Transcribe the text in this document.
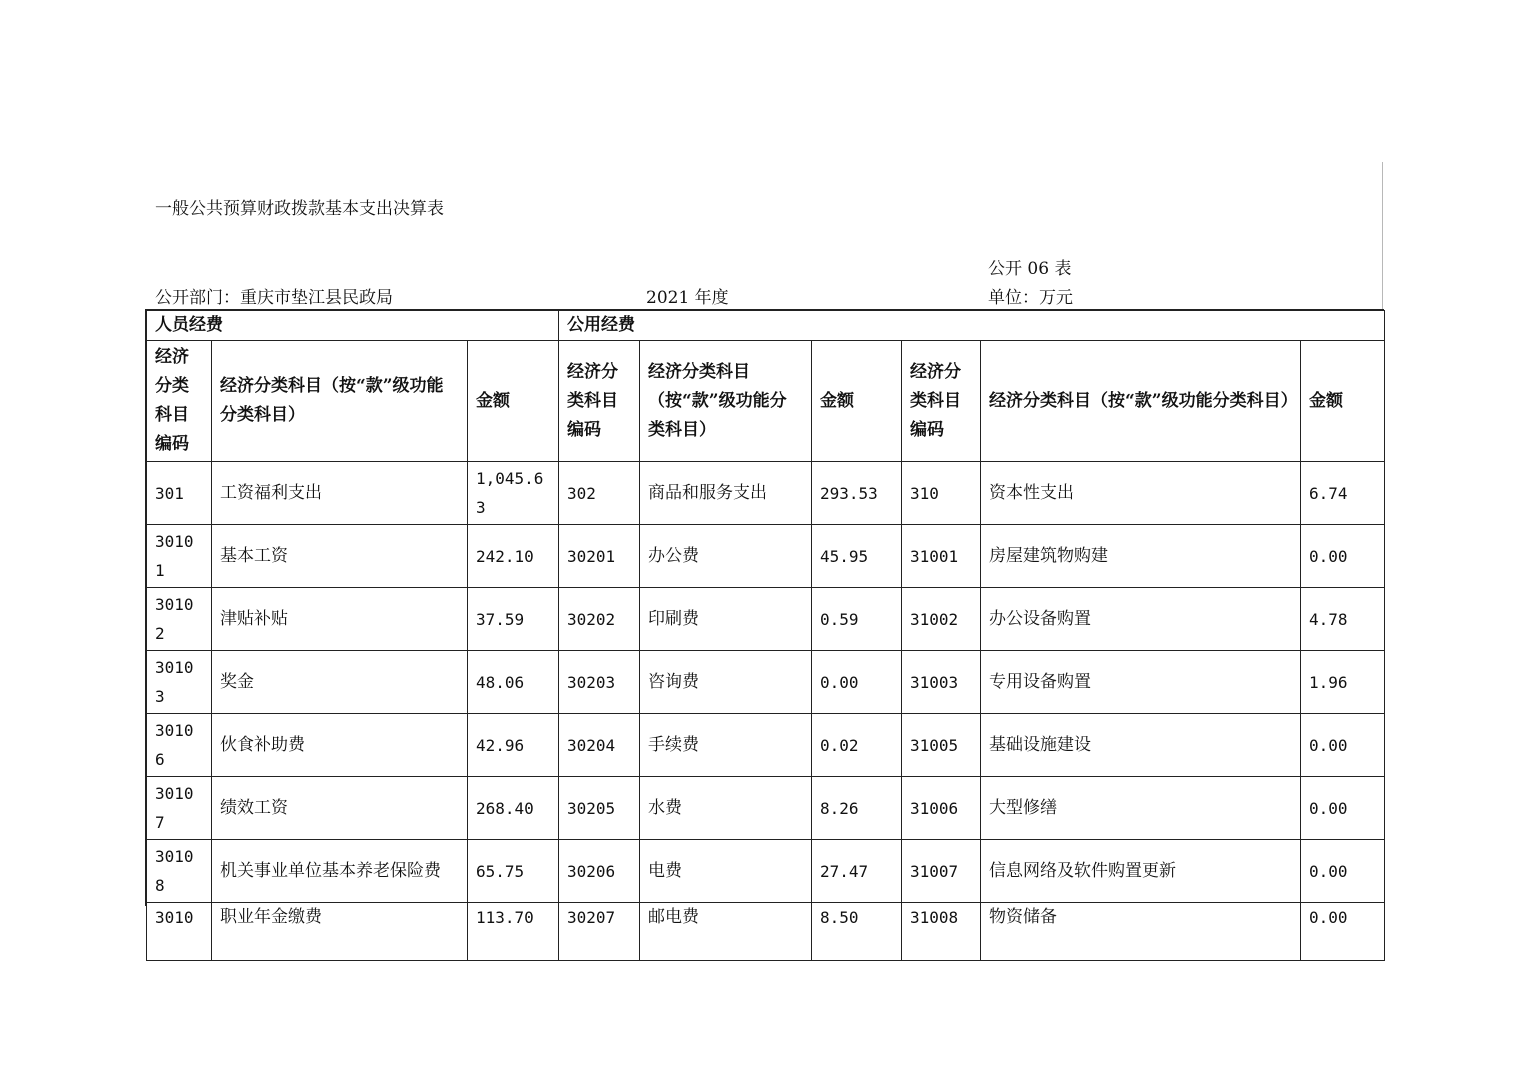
一般公共预算财政拨款基本支出决算表
公开 06 表
公开部门：重庆市垫江县民政局	2021 年度	单位：万元
人员经费			公用经费					
经济分类科目编码	经济分类科目（按“款”级功能分类科目）	金额	经济分类科目编码	经济分类科目（按“款”级功能分类科目）	金额	经济分类科目编码	经济分类科目（按“款”级功能分类科目）	金额
301	工资福利支出	1,045.63	302	商品和服务支出	293.53	310	资本性支出	6.74
30101	基本工资	242.10	30201	办公费	45.95	31001	房屋建筑物购建	0.00
30102	津贴补贴	37.59	30202	印刷费	0.59	31002	办公设备购置	4.78
30103	奖金	48.06	30203	咨询费	0.00	31003	专用设备购置	1.96
30106	伙食补助费	42.96	30204	手续费	0.02	31005	基础设施建设	0.00
30107	绩效工资	268.40	30205	水费	8.26	31006	大型修缮	0.00
30108	机关事业单位基本养老保险费	65.75	30206	电费	27.47	31007	信息网络及软件购置更新	0.00
3010	职业年金缴费	113.70	30207	邮电费	8.50	31008	物资储备	0.00
